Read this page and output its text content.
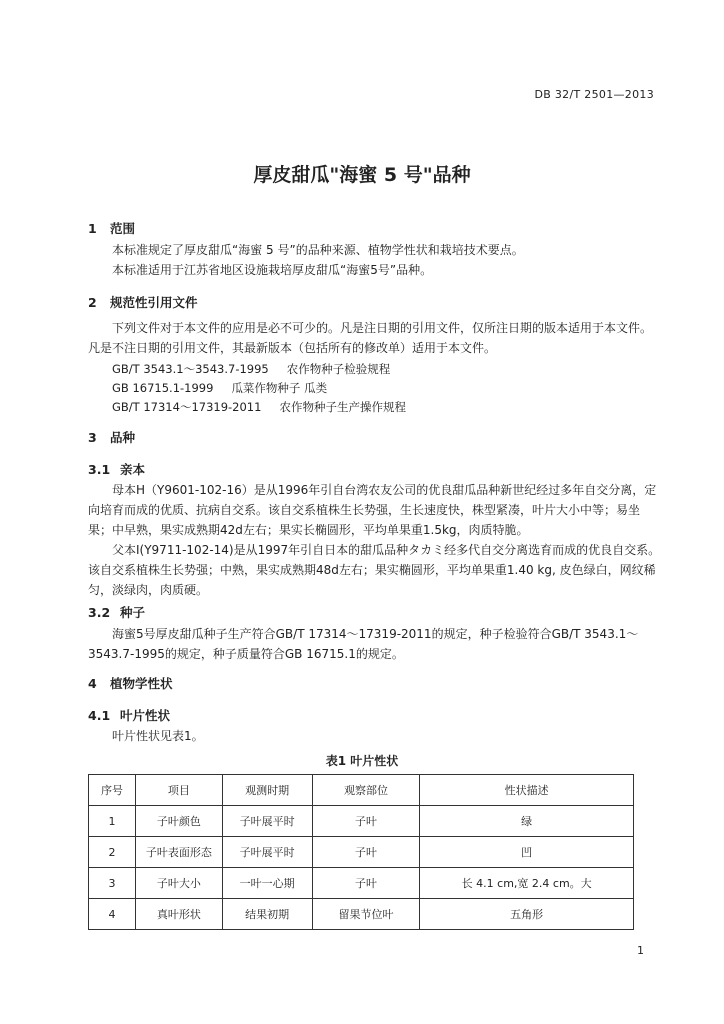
DB 32/T 2501—2013
厚皮甜瓜"海蜜 5 号"品种
1 范围
本标准规定了厚皮甜瓜“海蜜 5 号”的品种来源、植物学性状和栽培技术要点。
本标准适用于江苏省地区设施栽培厚皮甜瓜“海蜜5号”品种。
2 规范性引用文件
下列文件对于本文件的应用是必不可少的。凡是注日期的引用文件，仅所注日期的版本适用于本文件。凡是不注日期的引用文件，其最新版本（包括所有的修改单）适用于本文件。
GB/T 3543.1～3543.7-1995 农作物种子检验规程
GB 16715.1-1999 瓜菜作物种子 瓜类
GB/T 17314～17319-2011 农作物种子生产操作规程
3 品种
3.1 亲本
母本H（Y9601-102-16）是从1996年引自台湾农友公司的优良甜瓜品种新世纪经过多年自交分离，定向培育而成的优质、抗病自交系。该自交系植株生长势强，生长速度快，株型紧凑，叶片大小中等；易坐果；中早熟，果实成熟期42d左右；果实长椭圆形，平均单果重1.5kg，肉质特脆。
父本I(Y9711-102-14)是从1997年引自日本的甜瓜品种タカミ经多代自交分离选育而成的优良自交系。该自交系植株生长势强；中熟，果实成熟期48d左右；果实椭圆形，平均单果重1.40 kg, 皮色绿白，网纹稀匀，淡绿肉，肉质硬。
3.2 种子
海蜜5号厚皮甜瓜种子生产符合GB/T 17314～17319-2011的规定，种子检验符合GB/T 3543.1～3543.7-1995的规定，种子质量符合GB 16715.1的规定。
4 植物学性状
4.1 叶片性状
叶片性状见表1。
表1 叶片性状
序号	项目	观测时期	观察部位	性状描述
1	子叶颜色	子叶展平时	子叶	绿
2	子叶表面形态	子叶展平时	子叶	凹
3	子叶大小	一叶一心期	子叶	长 4.1 cm,宽 2.4 cm。大
4	真叶形状	结果初期	留果节位叶	五角形
1
